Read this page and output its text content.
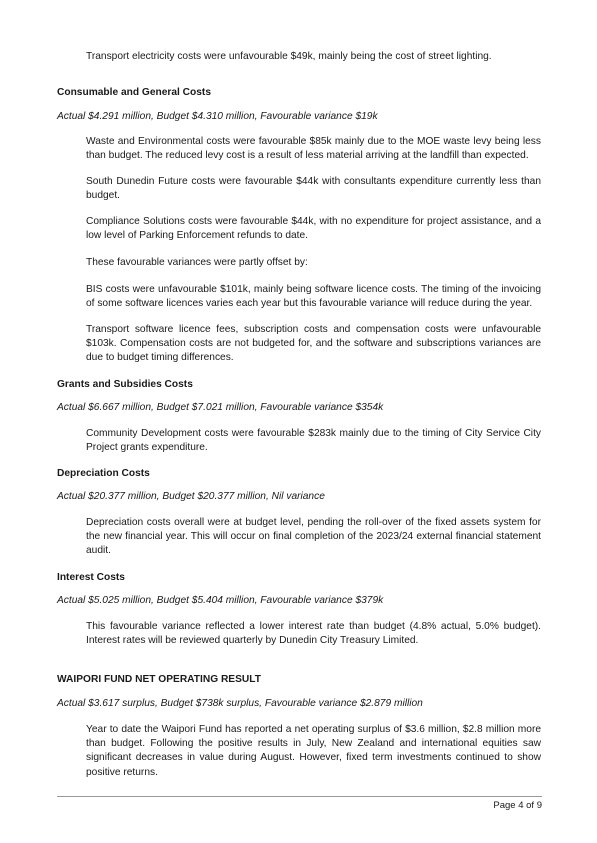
Transport electricity costs were unfavourable $49k, mainly being the cost of street lighting.

Consumable and General Costs

Actual $4.291 million, Budget $4.310 million, Favourable variance $19k

Waste and Environmental costs were favourable $85k mainly due to the MOE waste levy being less than budget. The reduced levy cost is a result of less material arriving at the landfill than expected.

South Dunedin Future costs were favourable $44k with consultants expenditure currently less than budget.

Compliance Solutions costs were favourable $44k, with no expenditure for project assistance, and a low level of Parking Enforcement refunds to date.

These favourable variances were partly offset by:

BIS costs were unfavourable $101k, mainly being software licence costs. The timing of the invoicing of some software licences varies each year but this favourable variance will reduce during the year.

Transport software licence fees, subscription costs and compensation costs were unfavourable $103k. Compensation costs are not budgeted for, and the software and subscriptions variances are due to budget timing differences.

Grants and Subsidies Costs

Actual $6.667 million, Budget $7.021 million, Favourable variance $354k

Community Development costs were favourable $283k mainly due to the timing of City Service City Project grants expenditure.

Depreciation Costs

Actual $20.377 million, Budget $20.377 million, Nil variance

Depreciation costs overall were at budget level, pending the roll-over of the fixed assets system for the new financial year. This will occur on final completion of the 2023/24 external financial statement audit.

Interest Costs

Actual $5.025 million, Budget $5.404 million, Favourable variance $379k

This favourable variance reflected a lower interest rate than budget (4.8% actual, 5.0% budget). Interest rates will be reviewed quarterly by Dunedin City Treasury Limited.

WAIPORI FUND NET OPERATING RESULT

Actual $3.617 surplus, Budget $738k surplus, Favourable variance $2.879 million

Year to date the Waipori Fund has reported a net operating surplus of $3.6 million, $2.8 million more than budget. Following the positive results in July, New Zealand and international equities saw significant decreases in value during August. However, fixed term investments continued to show positive returns.

Page 4 of 9
